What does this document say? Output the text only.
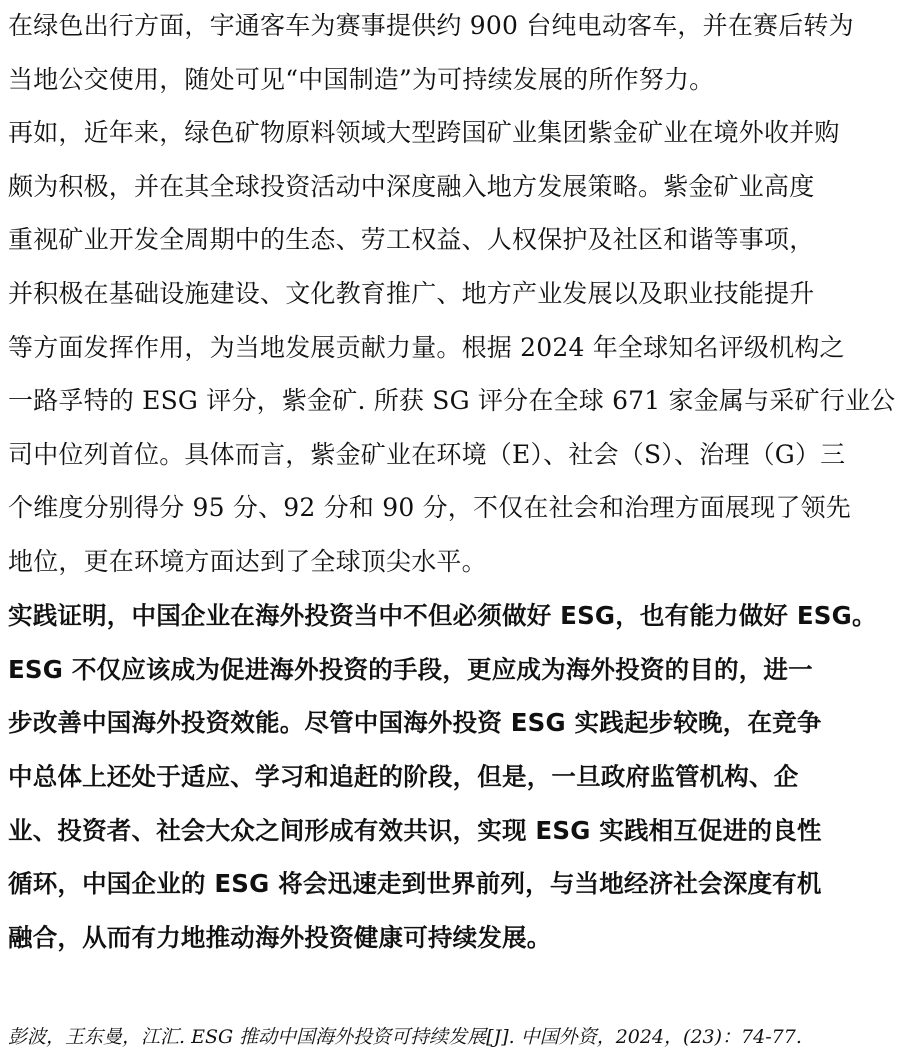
在绿色出行方面，宇通客车为赛事提供约 900 台纯电动客车，并在赛后转为
当地公交使用，随处可见“中国制造”为可持续发展的所作努力。
再如，近年来，绿色矿物原料领域大型跨国矿业集团紫金矿业在境外收并购
颇为积极，并在其全球投资活动中深度融入地方发展策略。紫金矿业高度
重视矿业开发全周期中的生态、劳工权益、人权保护及社区和谐等事项，
并积极在基础设施建设、文化教育推广、地方产业发展以及职业技能提升
等方面发挥作用，为当地发展贡献力量。根据 2024 年全球知名评级机构之
一路孚特的 ESG 评分，紫金矿. 所获 SG 评分在全球 671 家金属与采矿行业公
司中位列首位。具体而言，紫金矿业在环境（E）、社会（S）、治理（G）三
个维度分别得分 95 分、92 分和 90 分，不仅在社会和治理方面展现了领先
地位，更在环境方面达到了全球顶尖水平。
实践证明，中国企业在海外投资当中不但必须做好 ESG，也有能力做好 ESG。
ESG 不仅应该成为促进海外投资的手段，更应成为海外投资的目的，进一
步改善中国海外投资效能。尽管中国海外投资 ESG 实践起步较晚，在竞争
中总体上还处于适应、学习和追赶的阶段，但是，一旦政府监管机构、企
业、投资者、社会大众之间形成有效共识，实现 ESG 实践相互促进的良性
循环，中国企业的 ESG 将会迅速走到世界前列，与当地经济社会深度有机
融合，从而有力地推动海外投资健康可持续发展。
彭波，王东曼，江汇. ESG 推动中国海外投资可持续发展[J]. 中国外资，2024，(23)：74-77.
